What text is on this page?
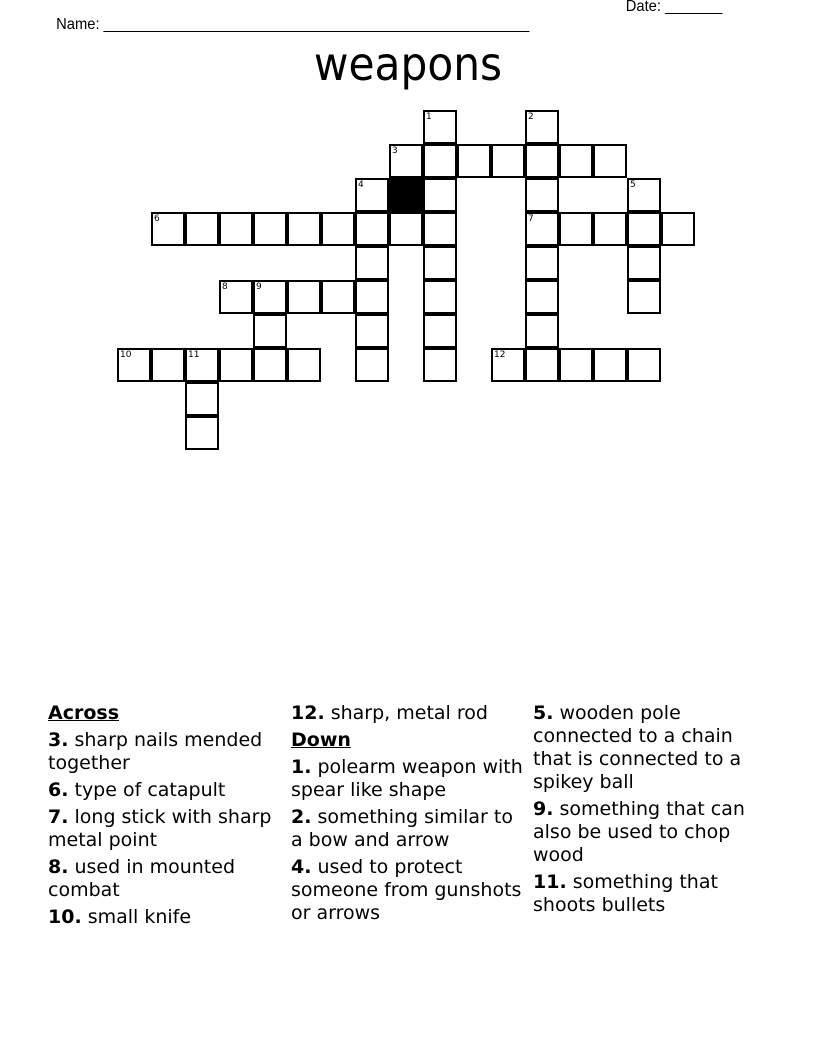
Name: ____________________________________________________

Date: _______

weapons
1	2
3
4	5
6	7
8	9
10	11	12
Across
3. sharp nails mended together
6. type of catapult
7. long stick with sharp metal point
8. used in mounted combat
10. small knife
12. sharp, metal rod
Down
1. polearm weapon with spear like shape
2. something similar to a bow and arrow
4. used to protect someone from gunshots or arrows
5. wooden pole connected to a chain that is connected to a spikey ball
9. something that can also be used to chop wood
11. something that shoots bullets
